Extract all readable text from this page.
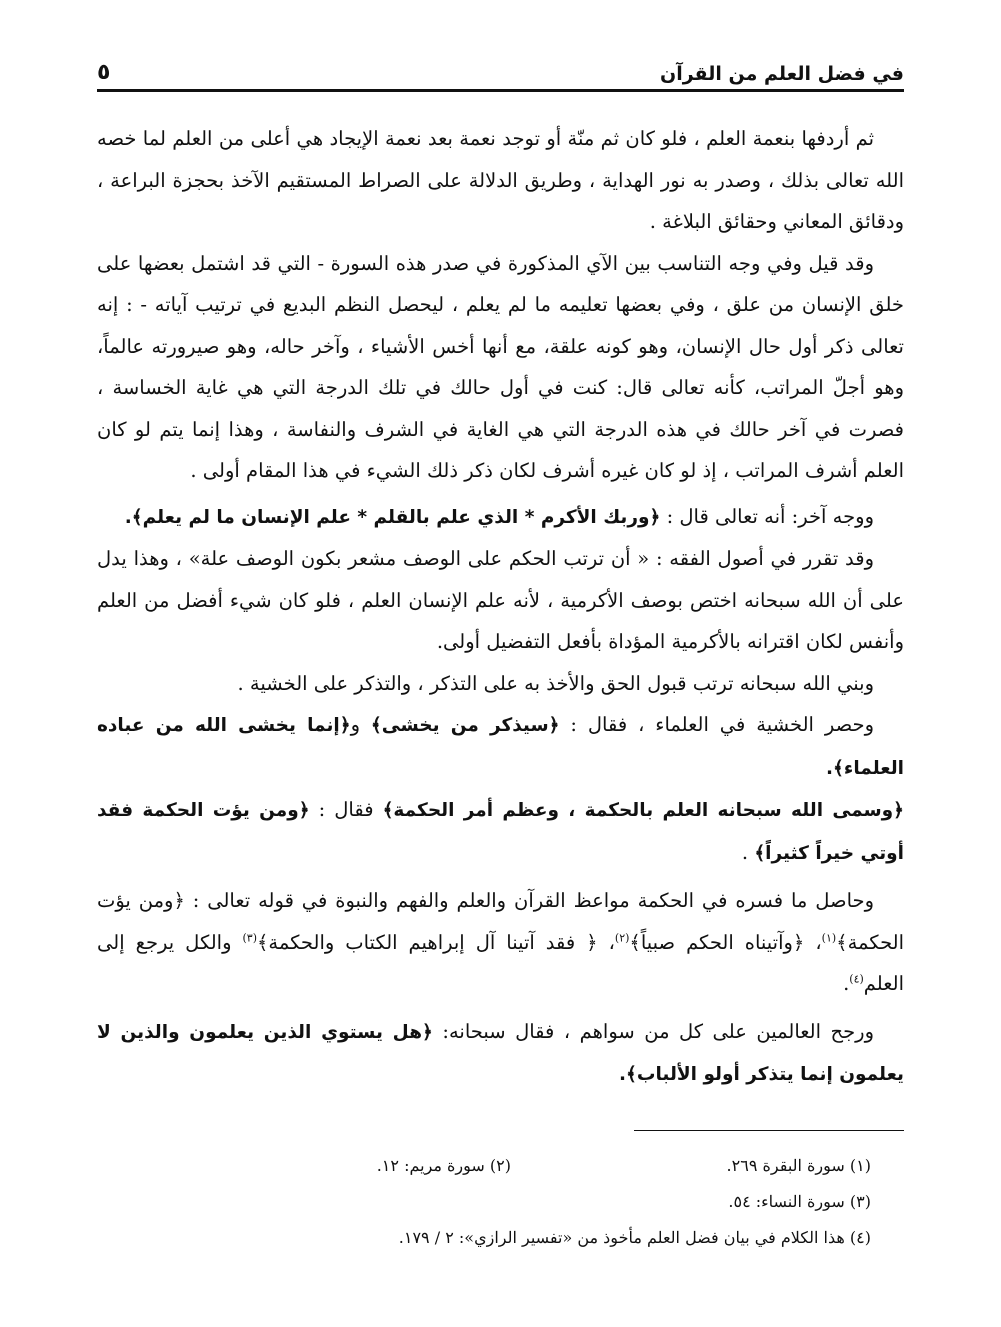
في فضل العلم من القرآن
٥

ثم أردفها بنعمة العلم ، فلو كان ثم منّة أو توجد نعمة بعد نعمة الإيجاد هي أعلى من العلم لما خصه الله تعالى بذلك ، وصدر به نور الهداية ، وطريق الدلالة على الصراط المستقيم الآخذ بحجزة البراعة ، ودقائق المعاني وحقائق البلاغة .

وقد قيل وفي وجه التناسب بين الآي المذكورة في صدر هذه السورة - التي قد اشتمل بعضها على خلق الإنسان من علق ، وفي بعضها تعليمه ما لم يعلم ، ليحصل النظم البديع في ترتيب آياته - : إنه تعالى ذكر أول حال الإنسان، وهو كونه علقة، مع أنها أخس الأشياء ، وآخر حاله، وهو صيرورته عالماً، وهو أجلّ المراتب، كأنه تعالى قال: كنت في أول حالك في تلك الدرجة التي هي غاية الخساسة ، فصرت في آخر حالك في هذه الدرجة التي هي الغاية في الشرف والنفاسة ، وهذا إنما يتم لو كان العلم أشرف المراتب ، إذ لو كان غيره أشرف لكان ذكر ذلك الشيء في هذا المقام أولى .

ووجه آخر: أنه تعالى قال : ﴿وربك الأكرم * الذي علم بالقلم * علم الإنسان ما لم يعلم﴾.

وقد تقرر في أصول الفقه : « أن ترتب الحكم على الوصف مشعر بكون الوصف علة» ، وهذا يدل على أن الله سبحانه اختص بوصف الأكرمية ، لأنه علم الإنسان العلم ، فلو كان شيء أفضل من العلم وأنفس لكان اقترانه بالأكرمية المؤداة بأفعل التفضيل أولى.

وبني الله سبحانه ترتب قبول الحق والأخذ به على التذكر ، والتذكر على الخشية .

وحصر الخشية في العلماء ، فقال : ﴿سيذكر من يخشى﴾ و﴿إنما يخشى الله من عباده العلماء﴾.

﴿وسمى الله سبحانه العلم بالحكمة ، وعظم أمر الحكمة﴾ فقال : ﴿ومن يؤت الحكمة فقد أوتي خيراً كثيراً﴾ .

وحاصل ما فسره في الحكمة مواعظ القرآن والعلم والفهم والنبوة في قوله تعالى : ﴿ومن يؤت الحكمة﴾$^{(١)}$، ﴿وآتيناه الحكم صبياً﴾$^{(٢)}$، ﴿ فقد آتينا آل إبراهيم الكتاب والحكمة﴾$^{(٣)}$ والكل يرجع إلى العلم$^{(٤)}$.

ورجح العالمين على كل من سواهم ، فقال سبحانه: ﴿هل يستوي الذين يعلمون والذين لا يعلمون إنما يتذكر أولو الألباب﴾.

(١) سورة البقرة ٢٦٩.
(٢) سورة مريم: ١٢.
(٣) سورة النساء: ٥٤.
(٤) هذا الكلام في بيان فضل العلم مأخوذ من «تفسير الرازي»: ٢ / ١٧٩.
